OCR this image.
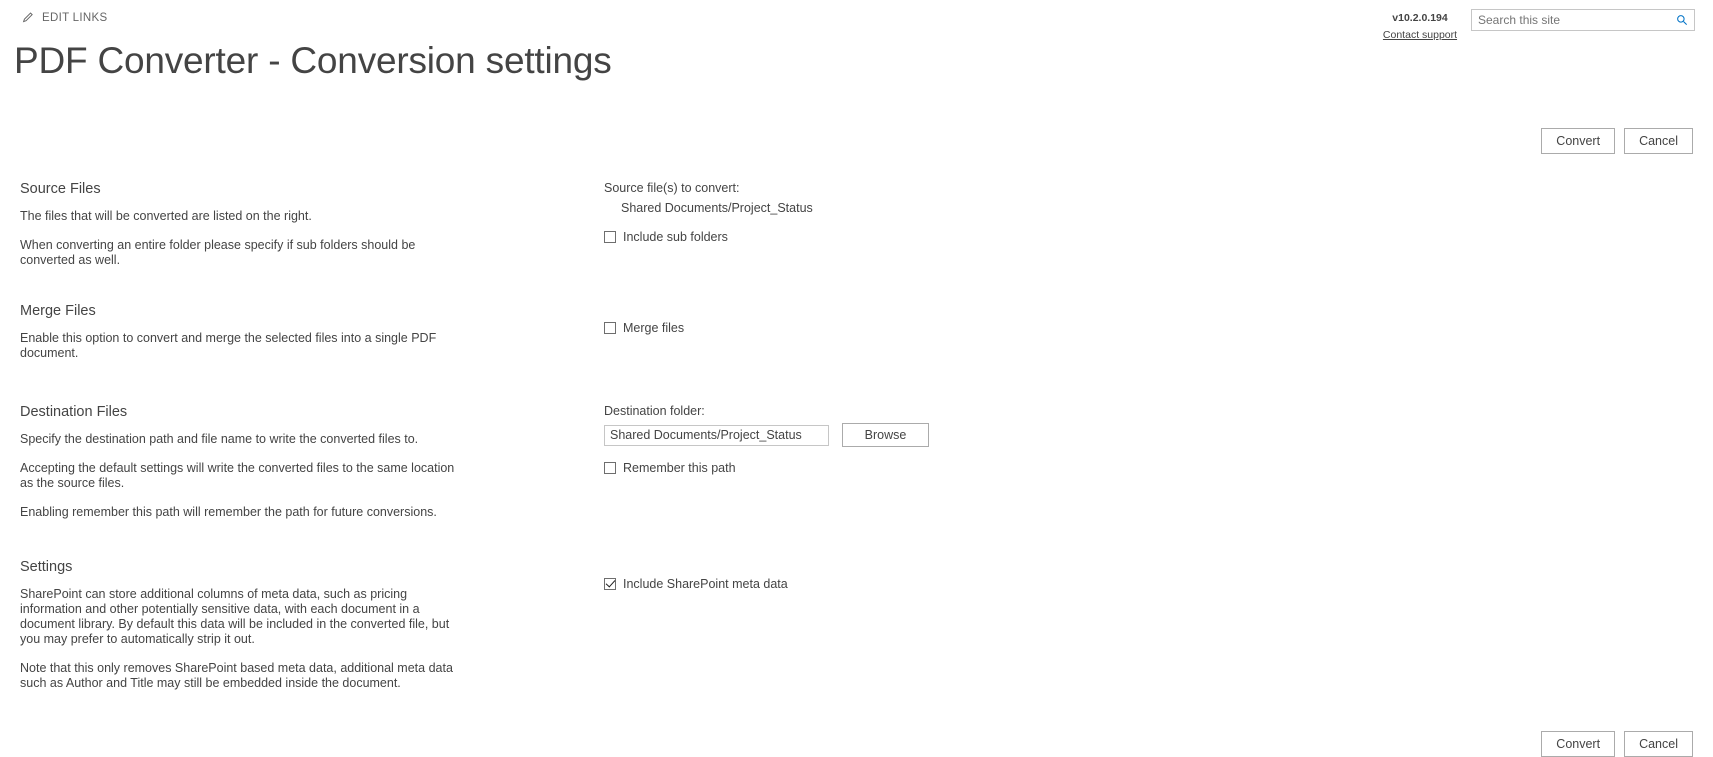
EDIT LINKS	v10.2.0.194
Contact support
Search this site
PDF Converter - Conversion settings
Convert	Cancel
Source Files

The files that will be converted are listed on the right.

When converting an entire folder please specify if sub folders should be converted as well.

Source file(s) to convert:
Shared Documents/Project_Status
Include sub folders
Merge Files

Enable this option to convert and merge the selected files into a single PDF document.

Merge files
Destination Files

Specify the destination path and file name to write the converted files to.

Accepting the default settings will write the converted files to the same location as the source files.

Enabling remember this path will remember the path for future conversions.

Destination folder:
Shared Documents/Project_Status
Browse
Remember this path
Settings

SharePoint can store additional columns of meta data, such as pricing information and other potentially sensitive data, with each document in a document library. By default this data will be included in the converted file, but you may prefer to automatically strip it out.

Note that this only removes SharePoint based meta data, additional meta data such as Author and Title may still be embedded inside the document.

Include SharePoint meta data
Convert	Cancel
